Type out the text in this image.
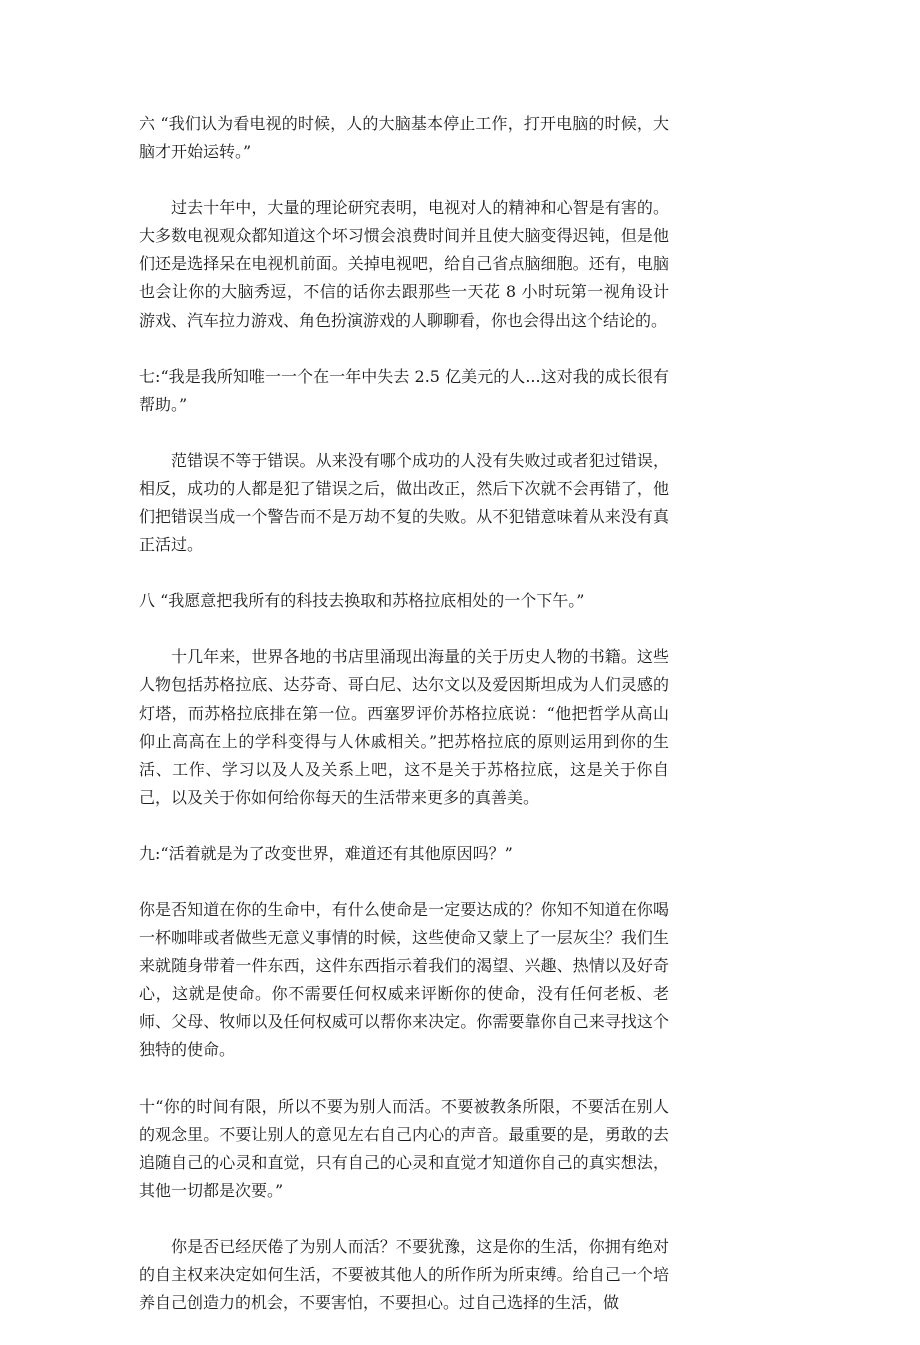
六 “我们认为看电视的时候，人的大脑基本停止工作，打开电脑的时候，大脑才开始运转。”

过去十年中，大量的理论研究表明，电视对人的精神和心智是有害的。大多数电视观众都知道这个坏习惯会浪费时间并且使大脑变得迟钝，但是他们还是选择呆在电视机前面。关掉电视吧，给自己省点脑细胞。还有，电脑也会让你的大脑秀逗，不信的话你去跟那些一天花 8 小时玩第一视角设计游戏、汽车拉力游戏、角色扮演游戏的人聊聊看，你也会得出这个结论的。

七:“我是我所知唯一一个在一年中失去 2.5 亿美元的人...这对我的成长很有帮助。”

范错误不等于错误。从来没有哪个成功的人没有失败过或者犯过错误，相反，成功的人都是犯了错误之后，做出改正，然后下次就不会再错了，他们把错误当成一个警告而不是万劫不复的失败。从不犯错意味着从来没有真正活过。

八 “我愿意把我所有的科技去换取和苏格拉底相处的一个下午。”

十几年来，世界各地的书店里涌现出海量的关于历史人物的书籍。这些人物包括苏格拉底、达芬奇、哥白尼、达尔文以及爱因斯坦成为人们灵感的灯塔，而苏格拉底排在第一位。西塞罗评价苏格拉底说：“他把哲学从高山仰止高高在上的学科变得与人休戚相关。”把苏格拉底的原则运用到你的生活、工作、学习以及人及关系上吧，这不是关于苏格拉底，这是关于你自己，以及关于你如何给你每天的生活带来更多的真善美。

九:“活着就是为了改变世界，难道还有其他原因吗？”

你是否知道在你的生命中，有什么使命是一定要达成的？你知不知道在你喝一杯咖啡或者做些无意义事情的时候，这些使命又蒙上了一层灰尘？我们生来就随身带着一件东西，这件东西指示着我们的渴望、兴趣、热情以及好奇心，这就是使命。你不需要任何权威来评断你的使命，没有任何老板、老师、父母、牧师以及任何权威可以帮你来决定。你需要靠你自己来寻找这个独特的使命。

十“你的时间有限，所以不要为别人而活。不要被教条所限，不要活在别人的观念里。不要让别人的意见左右自己内心的声音。最重要的是，勇敢的去追随自己的心灵和直觉，只有自己的心灵和直觉才知道你自己的真实想法，其他一切都是次要。”

你是否已经厌倦了为别人而活？不要犹豫，这是你的生活，你拥有绝对的自主权来决定如何生活，不要被其他人的所作所为所束缚。给自己一个培养自己创造力的机会，不要害怕，不要担心。过自己选择的生活，做
